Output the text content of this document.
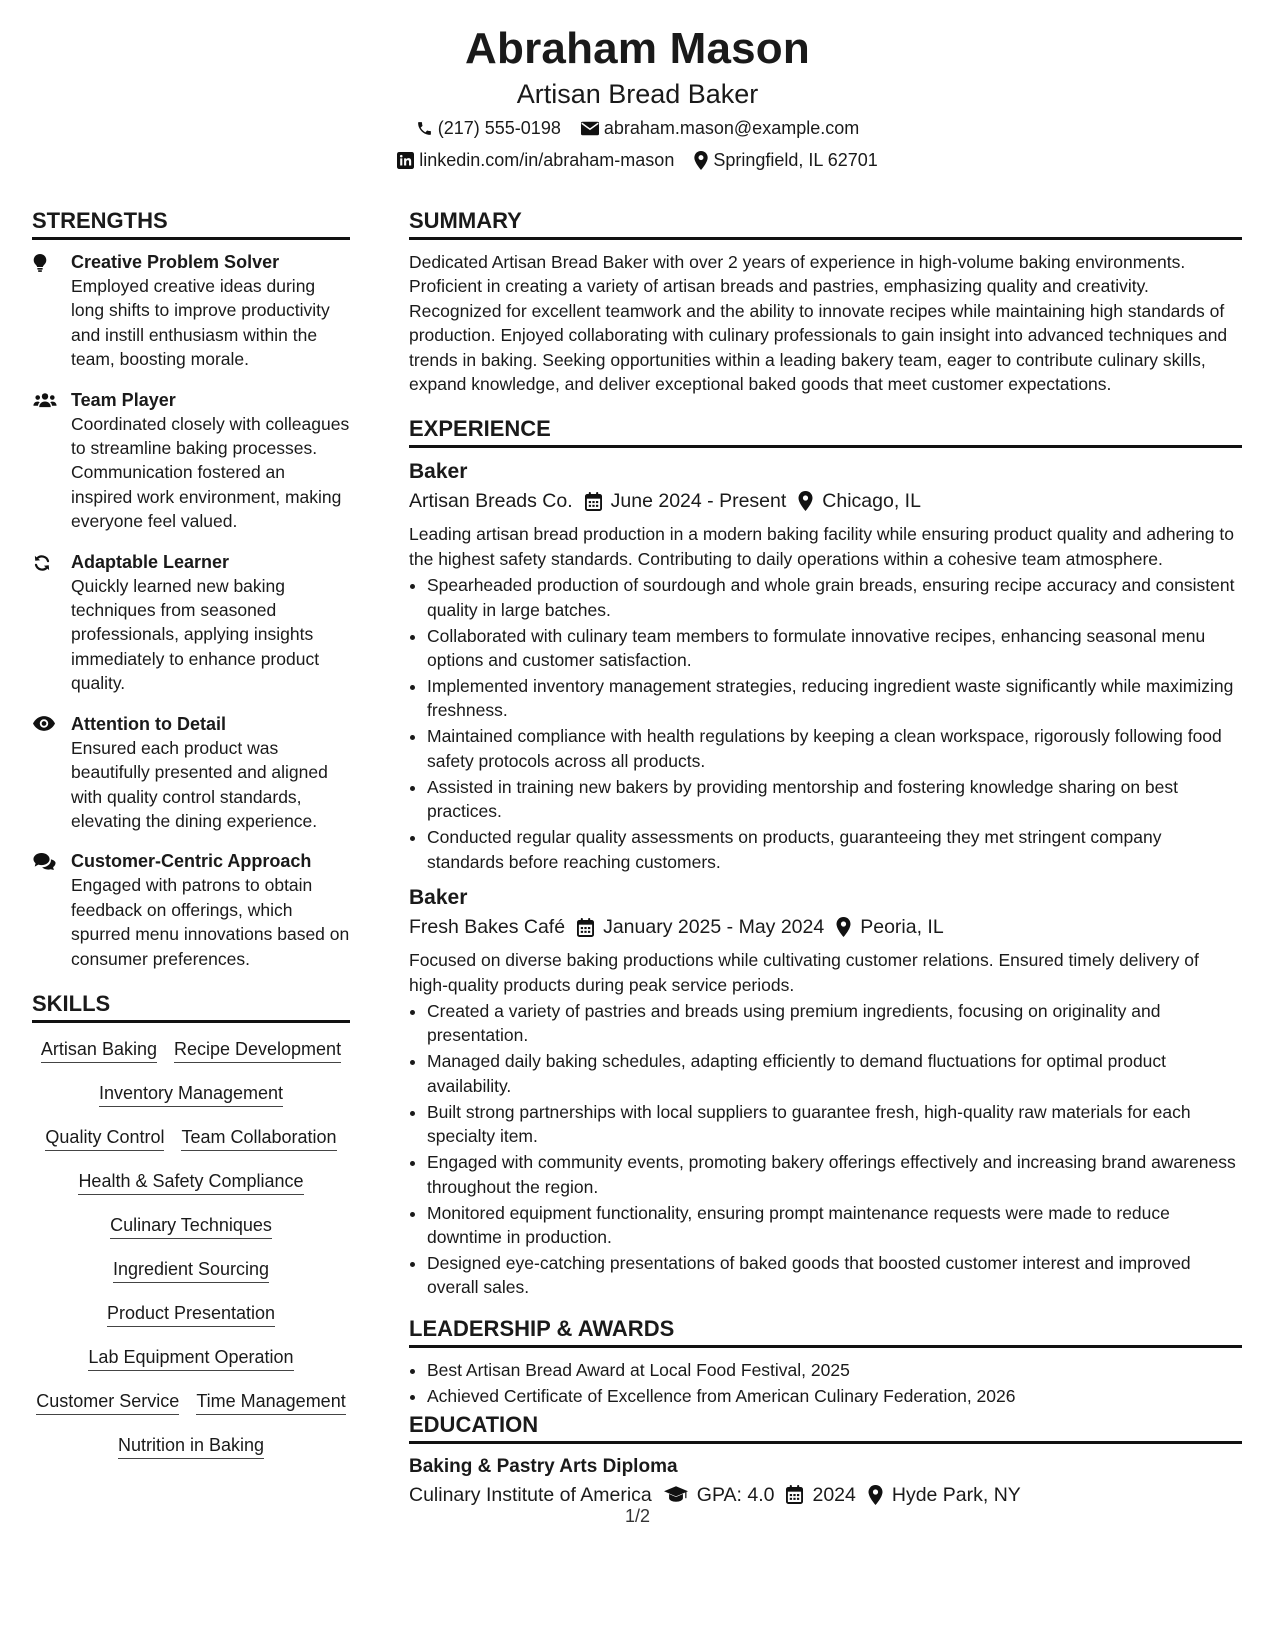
Abraham Mason
Artisan Bread Baker
(217) 555-0198 abraham.mason@example.com
linkedin.com/in/abraham-mason Springfield, IL 62701
STRENGTHS
Creative Problem Solver
Employed creative ideas during long shifts to improve productivity and instill enthusiasm within the team, boosting morale.
Team Player
Coordinated closely with colleagues to streamline baking processes. Communication fostered an inspired work environment, making everyone feel valued.
Adaptable Learner
Quickly learned new baking techniques from seasoned professionals, applying insights immediately to enhance product quality.
Attention to Detail
Ensured each product was beautifully presented and aligned with quality control standards, elevating the dining experience.
Customer-Centric Approach
Engaged with patrons to obtain feedback on offerings, which spurred menu innovations based on consumer preferences.
SKILLS
Artisan Baking Recipe Development
Inventory Management
Quality Control Team Collaboration
Health & Safety Compliance
Culinary Techniques
Ingredient Sourcing
Product Presentation
Lab Equipment Operation
Customer Service Time Management
Nutrition in Baking
SUMMARY
Dedicated Artisan Bread Baker with over 2 years of experience in high-volume baking environments. Proficient in creating a variety of artisan breads and pastries, emphasizing quality and creativity. Recognized for excellent teamwork and the ability to innovate recipes while maintaining high standards of production. Enjoyed collaborating with culinary professionals to gain insight into advanced techniques and trends in baking. Seeking opportunities within a leading bakery team, eager to contribute culinary skills, expand knowledge, and deliver exceptional baked goods that meet customer expectations.
EXPERIENCE
Baker
Artisan Breads Co. June 2024 - Present Chicago, IL
Leading artisan bread production in a modern baking facility while ensuring product quality and adhering to the highest safety standards. Contributing to daily operations within a cohesive team atmosphere.
• Spearheaded production of sourdough and whole grain breads, ensuring recipe accuracy and consistent quality in large batches.
• Collaborated with culinary team members to formulate innovative recipes, enhancing seasonal menu options and customer satisfaction.
• Implemented inventory management strategies, reducing ingredient waste significantly while maximizing freshness.
• Maintained compliance with health regulations by keeping a clean workspace, rigorously following food safety protocols across all products.
• Assisted in training new bakers by providing mentorship and fostering knowledge sharing on best practices.
• Conducted regular quality assessments on products, guaranteeing they met stringent company standards before reaching customers.
Baker
Fresh Bakes Café January 2025 - May 2024 Peoria, IL
Focused on diverse baking productions while cultivating customer relations. Ensured timely delivery of high-quality products during peak service periods.
• Created a variety of pastries and breads using premium ingredients, focusing on originality and presentation.
• Managed daily baking schedules, adapting efficiently to demand fluctuations for optimal product availability.
• Built strong partnerships with local suppliers to guarantee fresh, high-quality raw materials for each specialty item.
• Engaged with community events, promoting bakery offerings effectively and increasing brand awareness throughout the region.
• Monitored equipment functionality, ensuring prompt maintenance requests were made to reduce downtime in production.
• Designed eye-catching presentations of baked goods that boosted customer interest and improved overall sales.
LEADERSHIP & AWARDS
• Best Artisan Bread Award at Local Food Festival, 2025
• Achieved Certificate of Excellence from American Culinary Federation, 2026
EDUCATION
Baking & Pastry Arts Diploma
Culinary Institute of America GPA: 4.0 2024 Hyde Park, NY
1/2
